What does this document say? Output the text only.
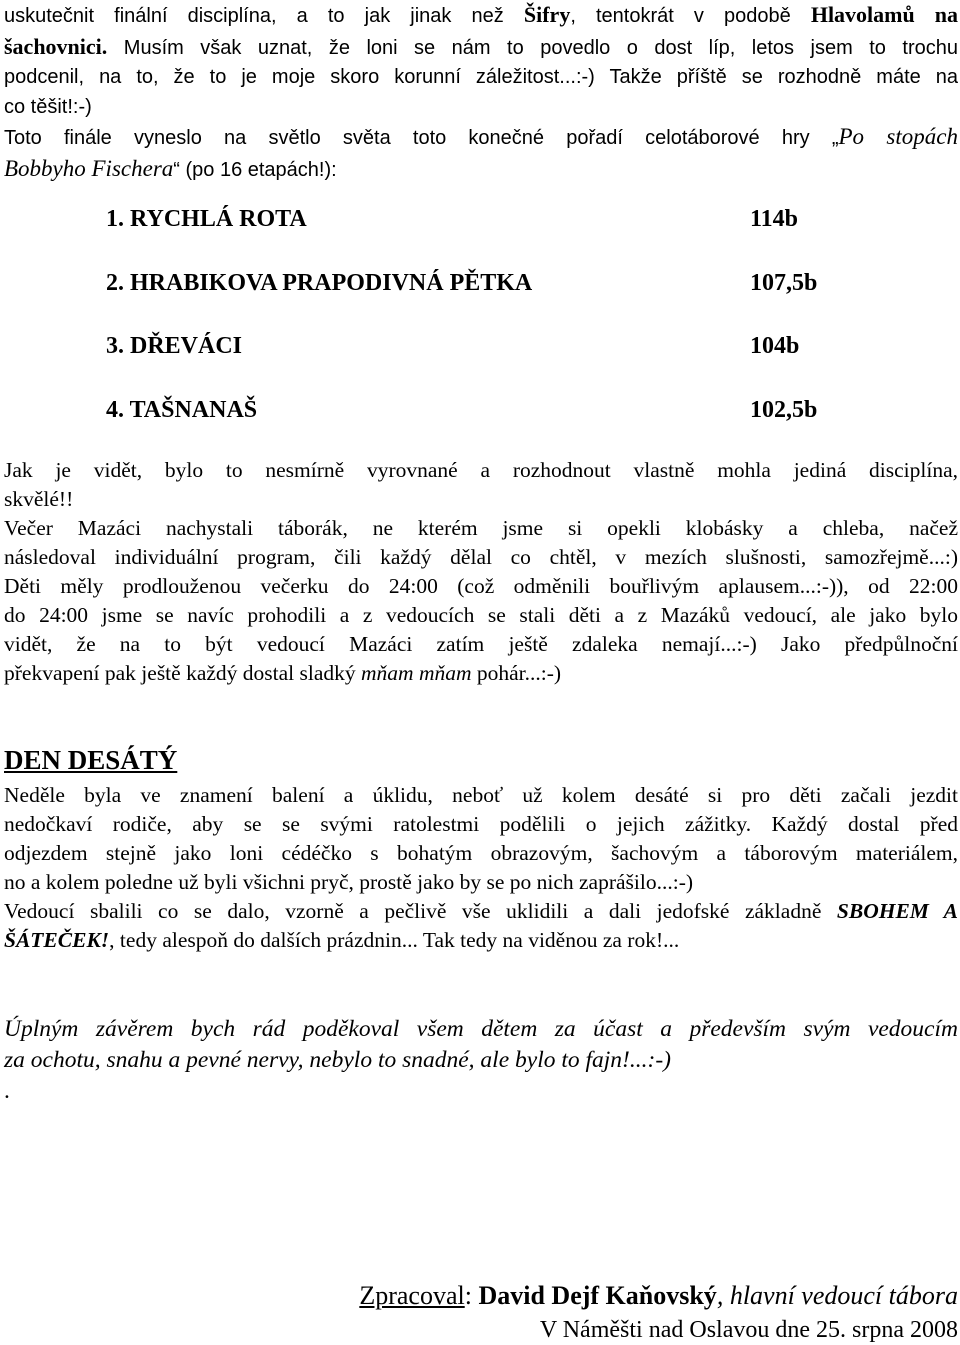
uskutečnit finální disciplína, a to jak jinak než Šifry, tentokrát v podobě Hlavolamů na
šachovnici. Musím však uznat, že loni se nám to povedlo o dost líp, letos jsem to trochu
podcenil, na to, že to je moje skoro korunní záležitost...:-) Takže příště se rozhodně máte na
co těšit!:-)
Toto finále vyneslo na světlo světa toto konečné pořadí celotáborové hry „Po stopách
Bobbyho Fischera“ (po 16 etapách!):
1. RYCHLÁ ROTA	114b
2. HRABIKOVA PRAPODIVNÁ PĚTKA	107,5b
3. DŘEVÁCI	104b
4. TAŠNANAŠ	102,5b
Jak je vidět, bylo to nesmírně vyrovnané a rozhodnout vlastně mohla jediná disciplína,
skvělé!!
Večer Mazáci nachystali táborák, ne kterém jsme si opekli klobásky a chleba, načež
následoval individuální program, čili každý dělal co chtěl, v mezích slušnosti, samozřejmě...:)
Děti měly prodlouženou večerku do 24:00 (což odměnili bouřlivým aplausem...:-)), od 22:00
do 24:00 jsme se navíc prohodili a z vedoucích se stali děti a z Mazáků vedoucí, ale jako bylo
vidět, že na to být vedoucí Mazáci zatím ještě zdaleka nemají...:-) Jako předpůlnoční
překvapení pak ještě každý dostal sladký mňam mňam pohár...:-)
DEN DESÁTÝ
Neděle byla ve znamení balení a úklidu, neboť už kolem desáté si pro děti začali jezdit
nedočkaví rodiče, aby se se svými ratolestmi podělili o jejich zážitky. Každý dostal před
odjezdem stejně jako loni cédéčko s bohatým obrazovým, šachovým a táborovým materiálem,
no a kolem poledne už byli všichni pryč, prostě jako by se po nich zaprášilo...:-)
Vedoucí sbalili co se dalo, vzorně a pečlivě vše uklidili a dali jedofské základně SBOHEM A
ŠÁTEČEK!, tedy alespoň do dalších prázdnin... Tak tedy na viděnou za rok!...
Úplným závěrem bych rád poděkoval všem dětem za účast a především svým vedoucím
za ochotu, snahu a pevné nervy, nebylo to snadné, ale bylo to fajn!...:-)
.
Zpracoval: David Dejf Kaňovský, hlavní vedoucí tábora
V Náměšti nad Oslavou dne 25. srpna 2008
